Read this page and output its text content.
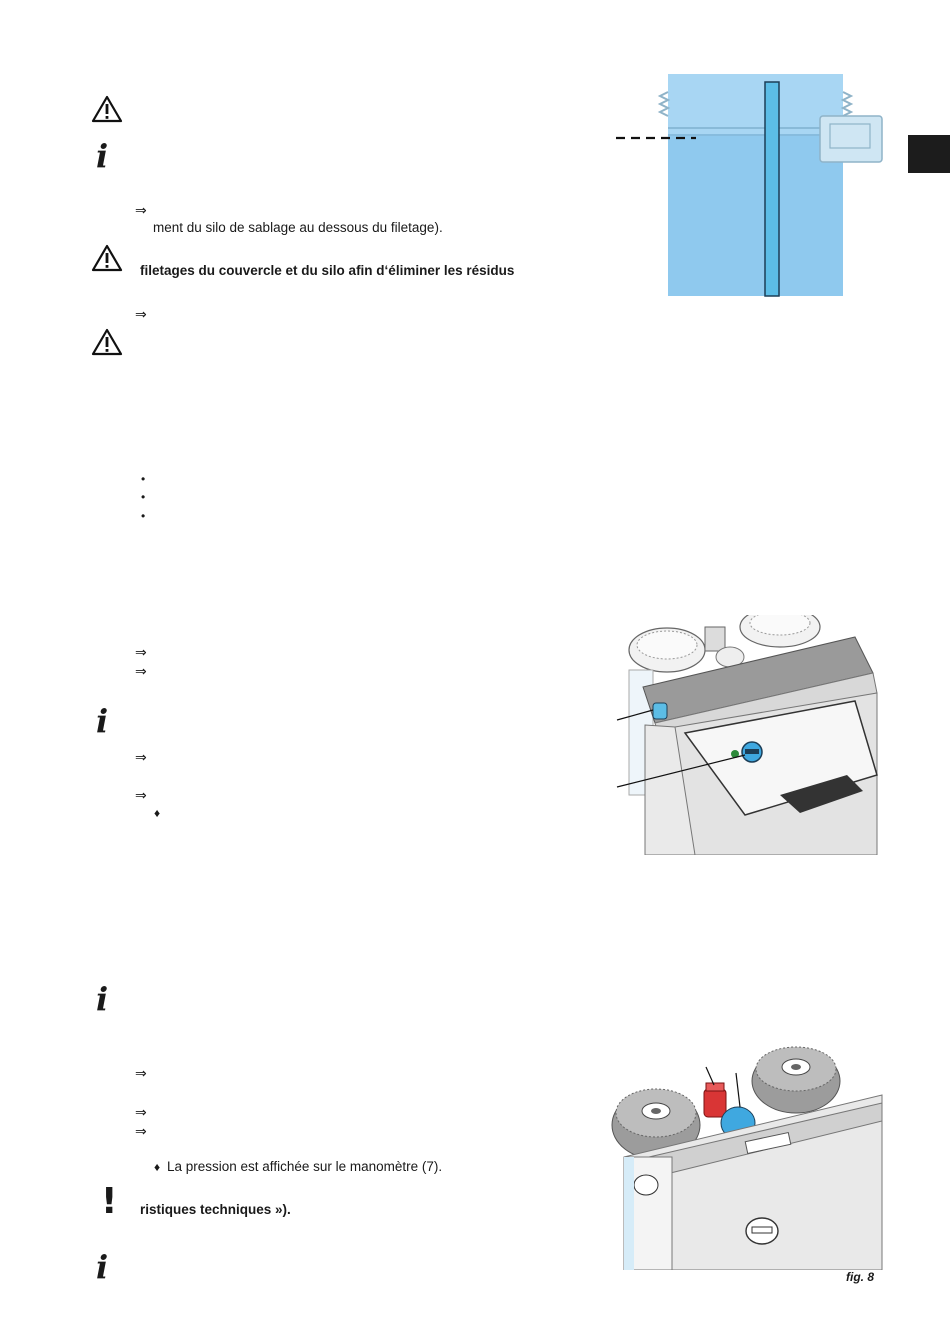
i
⇒
ment du silo de sablage au dessous du filetage).
filetages du couvercle et du silo afin d‘éliminer les résidus
⇒
•
•
•
⇒
⇒
i
⇒
⇒
♦
i
⇒
⇒
⇒
♦ La pression est affichée sur le manomètre (7).
! ristiques techniques »).
i	fig. 8
